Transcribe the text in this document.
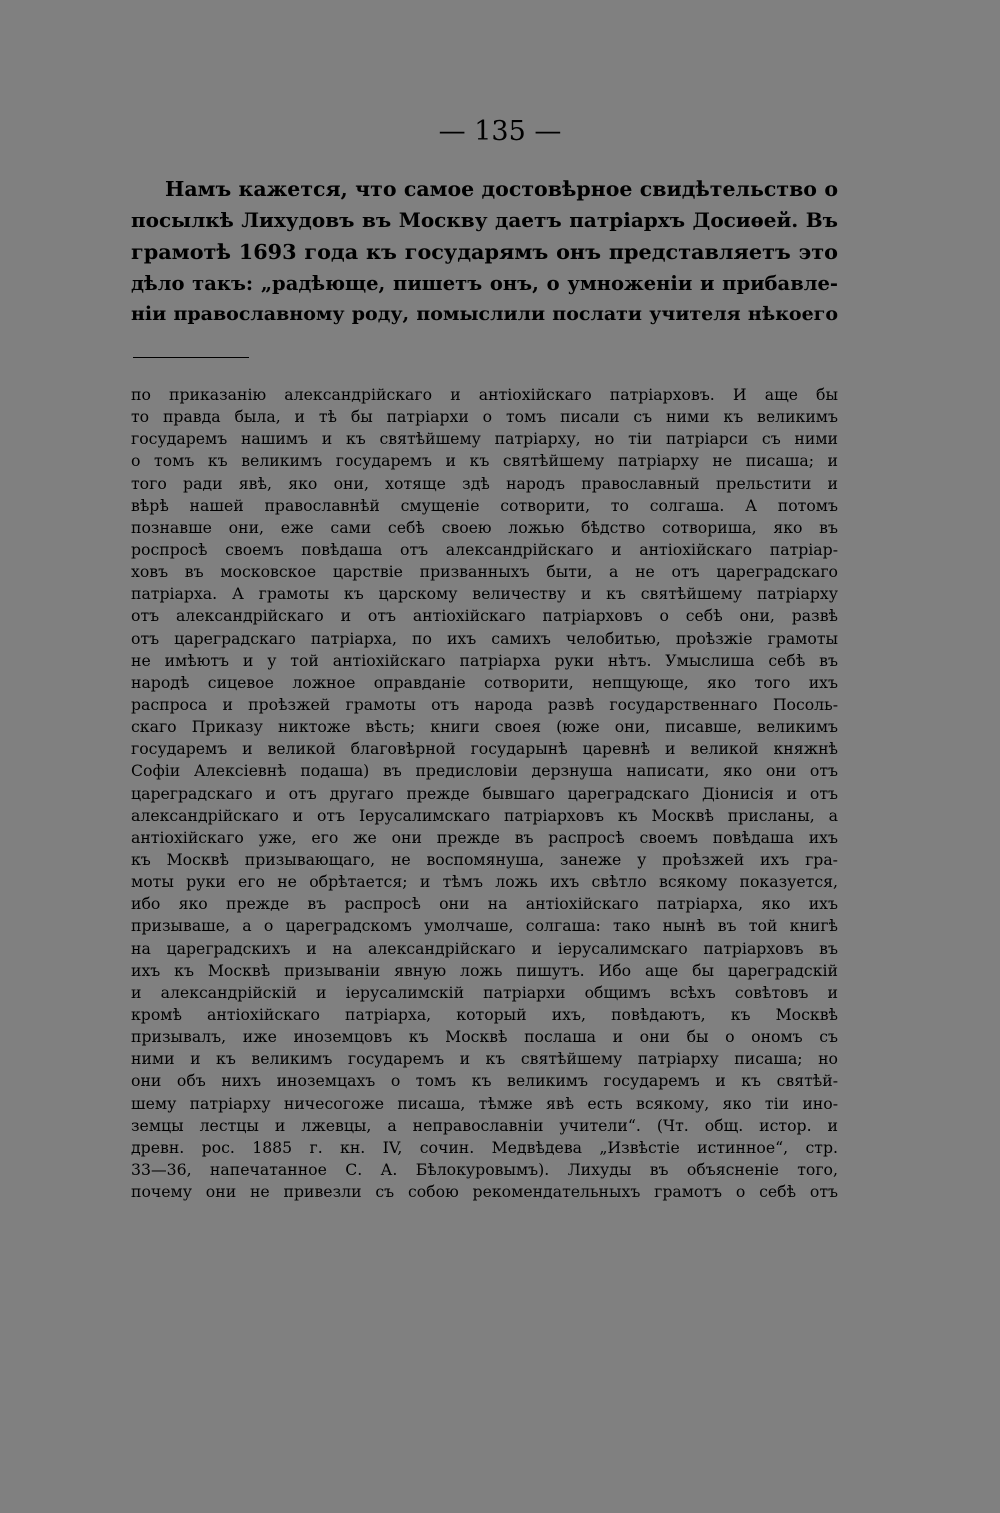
— 135 —
Намъ кажется, что самое достовѣрное свидѣтельство о
посылкѣ Лихудовъ въ Москву даетъ патріархъ Досиѳей. Въ
грамотѣ 1693 года къ государямъ онъ представляетъ это
дѣло такъ: „радѣюще, пишетъ онъ, о умноженіи и прибавле-
ніи православному роду, помыслили послати учителя нѣкоего
по приказанію александрійскаго и антіохійскаго патріарховъ. И аще бы
то правда была, и тѣ бы патріархи о томъ писали съ ними къ великимъ
государемъ нашимъ и къ святѣйшему патріарху, но тіи патріарси съ ними
о томъ къ великимъ государемъ и къ святѣйшему патріарху не писаша; и
того ради явѣ, яко они, хотяще здѣ народъ православный прельстити и
вѣрѣ нашей православнѣй смущеніе сотворити, то солгаша. А потомъ
познавше они, еже сами себѣ своею ложью бѣдство сотвориша, яко въ
роспросѣ своемъ повѣдаша отъ александрійскаго и антіохійскаго патріар-
ховъ въ московское царствіе призванныхъ быти, а не отъ цареградскаго
патріарха. А грамоты къ царскому величеству и къ святѣйшему патріарху
отъ александрійскаго и отъ антіохійскаго патріарховъ о себѣ они, развѣ
отъ цареградскаго патріарха, по ихъ самихъ челобитью, проѣзжіе грамоты
не имѣютъ и у той антіохійскаго патріарха руки нѣтъ. Умыслиша себѣ въ
народѣ сицевое ложное оправданіе сотворити, непщующе, яко того ихъ
распроса и проѣзжей грамоты отъ народа развѣ государственнаго Посоль-
скаго Приказу никтоже вѣсть; книги своея (юже они, писавше, великимъ
государемъ и великой благовѣрной государынѣ царевнѣ и великой княжнѣ
Софіи Алексіевнѣ подаша) въ предисловіи дерзнуша написати, яко они отъ
цареградскаго и отъ другаго прежде бывшаго цареградскаго Діонисія и отъ
александрійскаго и отъ Іерусалимскаго патріарховъ къ Москвѣ присланы, а
антіохійскаго уже, его же они прежде въ распросѣ своемъ повѣдаша ихъ
къ Москвѣ призывающаго, не воспомянуша, занеже у проѣзжей ихъ гра-
моты руки его не обрѣтается; и тѣмъ ложь ихъ свѣтло всякому показуется,
ибо яко прежде въ распросѣ они на антіохійскаго патріарха, яко ихъ
призываше, а о цареградскомъ умолчаше, солгаша: тако нынѣ въ той книгѣ
на цареградскихъ и на александрійскаго и іерусалимскаго патріарховъ въ
ихъ къ Москвѣ призываніи явную ложь пишутъ. Ибо аще бы цареградскій
и александрійскій и іерусалимскій патріархи общимъ всѣхъ совѣтовъ и
кромѣ антіохійскаго патріарха, который ихъ, повѣдаютъ, къ Москвѣ
призывалъ, иже иноземцовъ къ Москвѣ послаша и они бы о ономъ съ
ними и къ великимъ государемъ и къ святѣйшему патріарху писаша; но
они объ нихъ иноземцахъ о томъ къ великимъ государемъ и къ святѣй-
шему патріарху ничесогоже писаша, тѣмже явѣ есть всякому, яко тіи ино-
земцы лестцы и лжевцы, а неправославніи учители“. (Чт. общ. истор. и
древн. рос. 1885 г. кн. IV, сочин. Медвѣдева „Извѣстіе истинное“, стр.
33—36, напечатанное С. А. Бѣлокуровымъ). Лихуды въ объясненіе того,
почему они не привезли съ собою рекомендательныхъ грамотъ о себѣ отъ
